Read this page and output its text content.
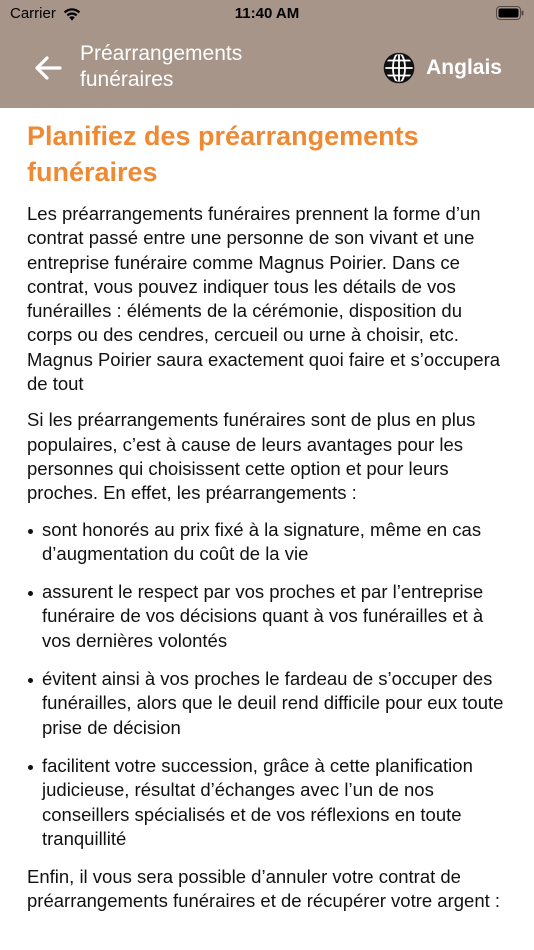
Carrier	11:40 AM
Préarrangements
funéraires
Anglais
Planifiez des préarrangements funéraires

Les préarrangements funéraires prennent la forme d’un contrat passé entre une personne de son vivant et une entreprise funéraire comme Magnus Poirier. Dans ce contrat, vous pouvez indiquer tous les détails de vos funérailles : éléments de la cérémonie, disposition du corps ou des cendres, cercueil ou urne à choisir, etc. Magnus Poirier saura exactement quoi faire et s’occupera de tout

Si les préarrangements funéraires sont de plus en plus populaires, c’est à cause de leurs avantages pour les personnes qui choisissent cette option et pour leurs proches. En effet, les préarrangements :

sont honorés au prix fixé à la signature, même en cas d’augmentation du coût de la vie
assurent le respect par vos proches et par l’entreprise funéraire de vos décisions quant à vos funérailles et à vos dernières volontés
évitent ainsi à vos proches le fardeau de s’occuper des funérailles, alors que le deuil rend difficile pour eux toute prise de décision
facilitent votre succession, grâce à cette planification judicieuse, résultat d’échanges avec l’un de nos conseillers spécialisés et de vos réflexions en toute tranquillité

Enfin, il vous sera possible d’annuler votre contrat de préarrangements funéraires et de récupérer votre argent :
